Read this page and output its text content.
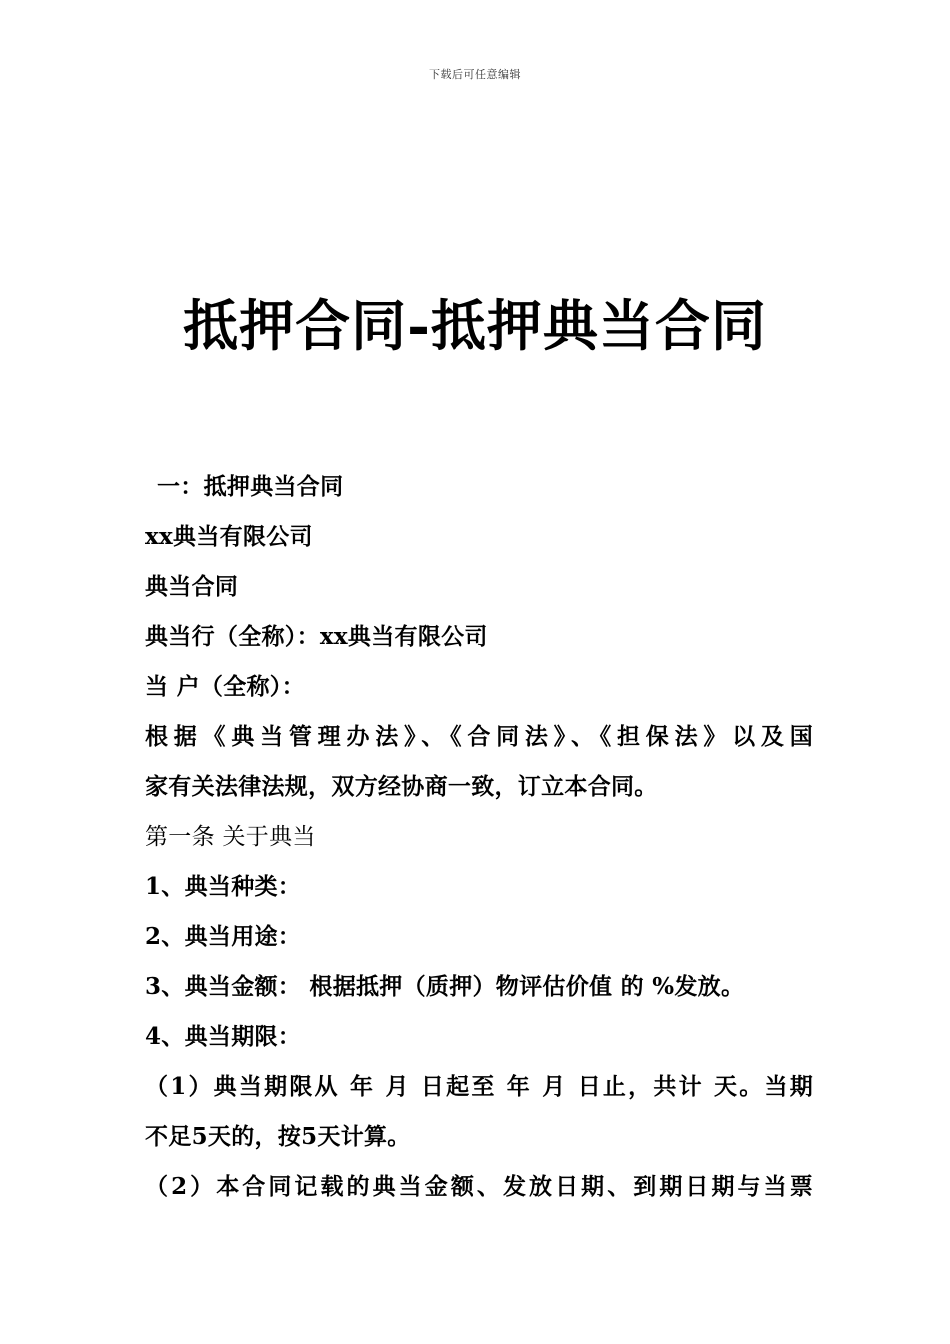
下载后可任意编辑
抵押合同-抵押典当合同
一：抵押典当合同
xx典当有限公司
典当合同
典当行（全称）：xx典当有限公司
当 户（全称）：
根据《典当管理办法》、《合同法》、《担保法》以及国
家有关法律法规，双方经协商一致，订立本合同。
第一条 关于典当
1、典当种类：
2、典当用途：
3、典当金额： 根据抵押（质押）物评估价值 的 %发放。
4、典当期限：
（1）典当期限从 年 月 日起至 年 月 日止，共计 天。当期
不足5天的，按5天计算。
（2）本合同记载的典当金额、发放日期、到期日期与当票
